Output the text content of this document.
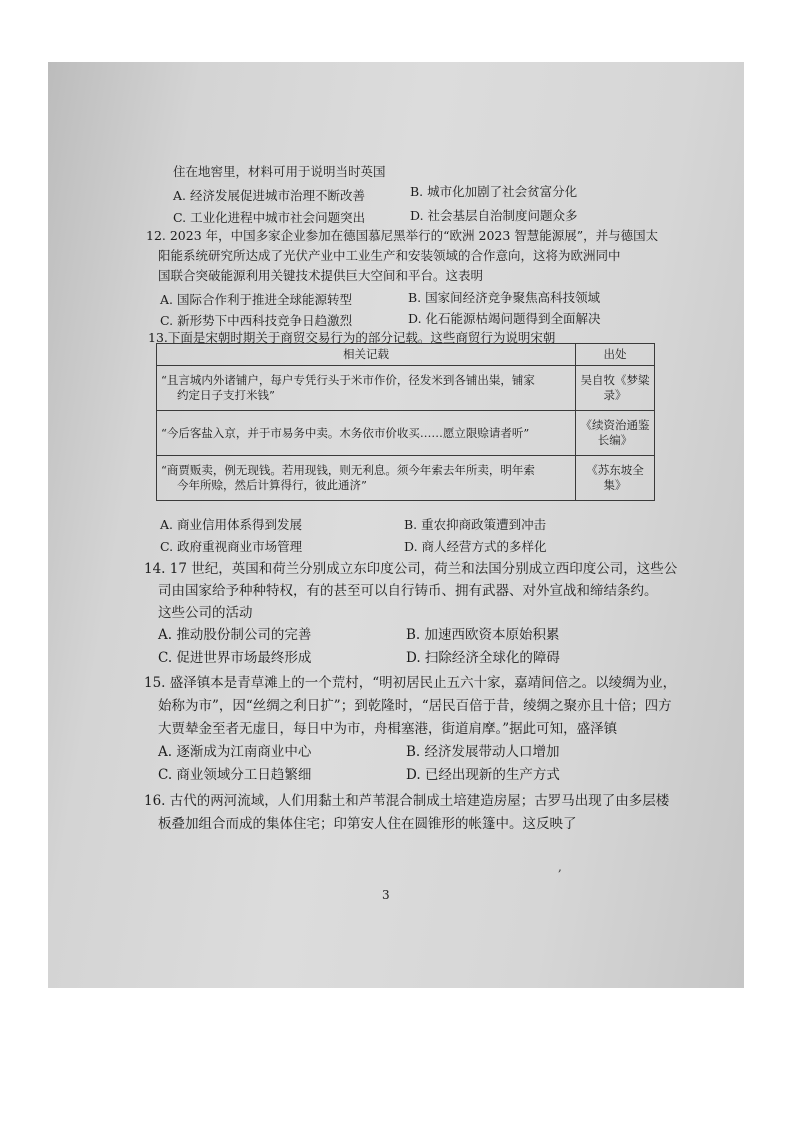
住在地窖里，材料可用于说明当时英国
A. 经济发展促进城市治理不断改善	B. 城市化加剧了社会贫富分化
C. 工业化进程中城市社会问题突出	D. 社会基层自治制度问题众多
12. 2023 年，中国多家企业参加在德国慕尼黑举行的“欧洲 2023 智慧能源展”，并与德国太
阳能系统研究所达成了光伏产业中工业生产和安装领域的合作意向，这将为欧洲同中
国联合突破能源利用关键技术提供巨大空间和平台。这表明
A. 国际合作利于推进全球能源转型	B. 国家间经济竞争聚焦高科技领域
C. 新形势下中西科技竞争日趋激烈	D. 化石能源枯竭问题得到全面解决
13.下面是宋朝时期关于商贸交易行为的部分记载。这些商贸行为说明宋朝
相关记载	出处

“且言城内外诸铺户，每户专凭行头于米市作价，径发米到各铺出粜，铺家
约定日子支打米钱”	吴自牧《梦粱录》

“今后客盐入京，并于市易务中卖。木务依市价收买……愿立限赊请者听”	《续资治通鉴长编》

“商贾贩卖，例无现钱。若用现钱，则无利息。须今年索去年所卖，明年索
今年所赊，然后计算得行，彼此通济”	《苏东坡全集》
A. 商业信用体系得到发展	B. 重农抑商政策遭到冲击
C. 政府重视商业市场管理	D. 商人经营方式的多样化
14. 17 世纪，英国和荷兰分别成立东印度公司，荷兰和法国分别成立西印度公司，这些公
司由国家给予种种特权，有的甚至可以自行铸币、拥有武器、对外宣战和缔结条约。
这些公司的活动
A. 推动股份制公司的完善	B. 加速西欧资本原始积累
C. 促进世界市场最终形成	D. 扫除经济全球化的障碍
15. 盛泽镇本是青草滩上的一个荒村，“明初居民止五六十家，嘉靖间倍之。以绫绸为业，
始称为市”，因“丝绸之利日扩”；到乾隆时，“居民百倍于昔，绫绸之聚亦且十倍；四方
大贾辇金至者无虚日，每日中为市，舟楫塞港，街道肩摩。”据此可知，盛泽镇
A. 逐渐成为江南商业中心	B. 经济发展带动人口增加
C. 商业领域分工日趋繁细	D. 已经出现新的生产方式
16. 古代的两河流域，人们用黏土和芦苇混合制成土培建造房屋；古罗马出现了由多层楼
板叠加组合而成的集体住宅；印第安人住在圆锥形的帐篷中。这反映了
,
3
